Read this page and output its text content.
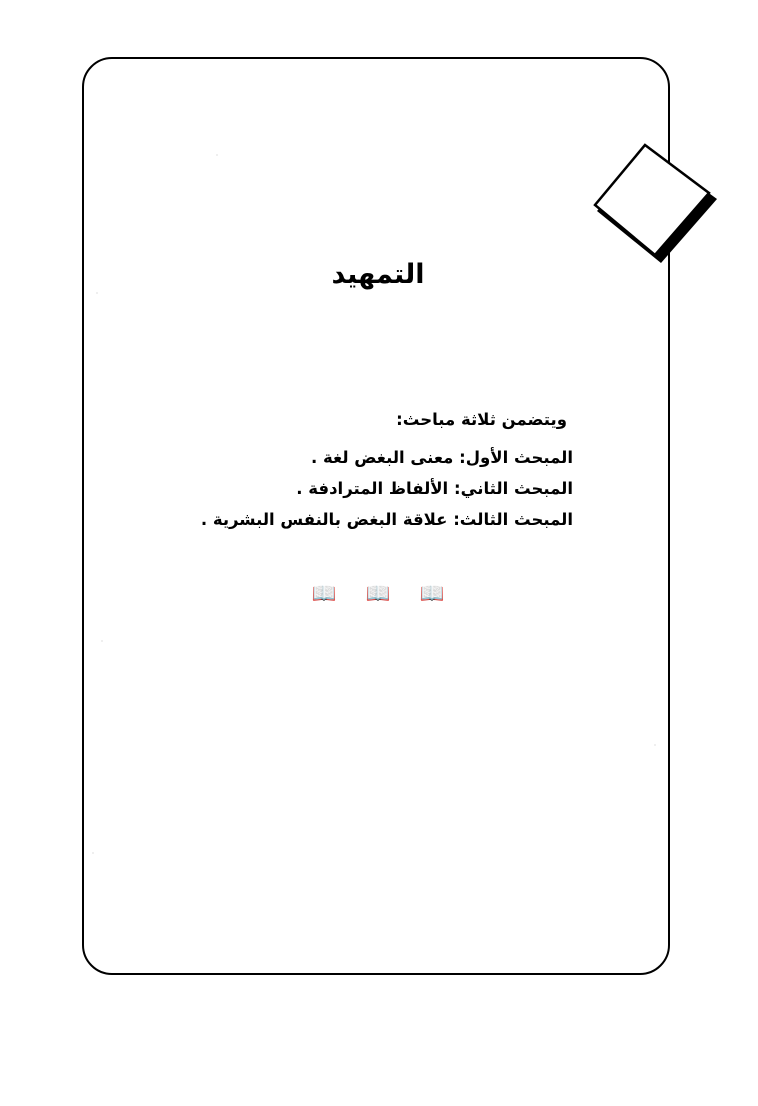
التمهيد
ويتضمن ثلاثة مباحث:
المبحث الأول: معنى البغض لغة .
المبحث الثاني: الألفاظ المترادفة .
المبحث الثالث: علاقة البغض بالنفس البشرية .
📖 📖 📖
